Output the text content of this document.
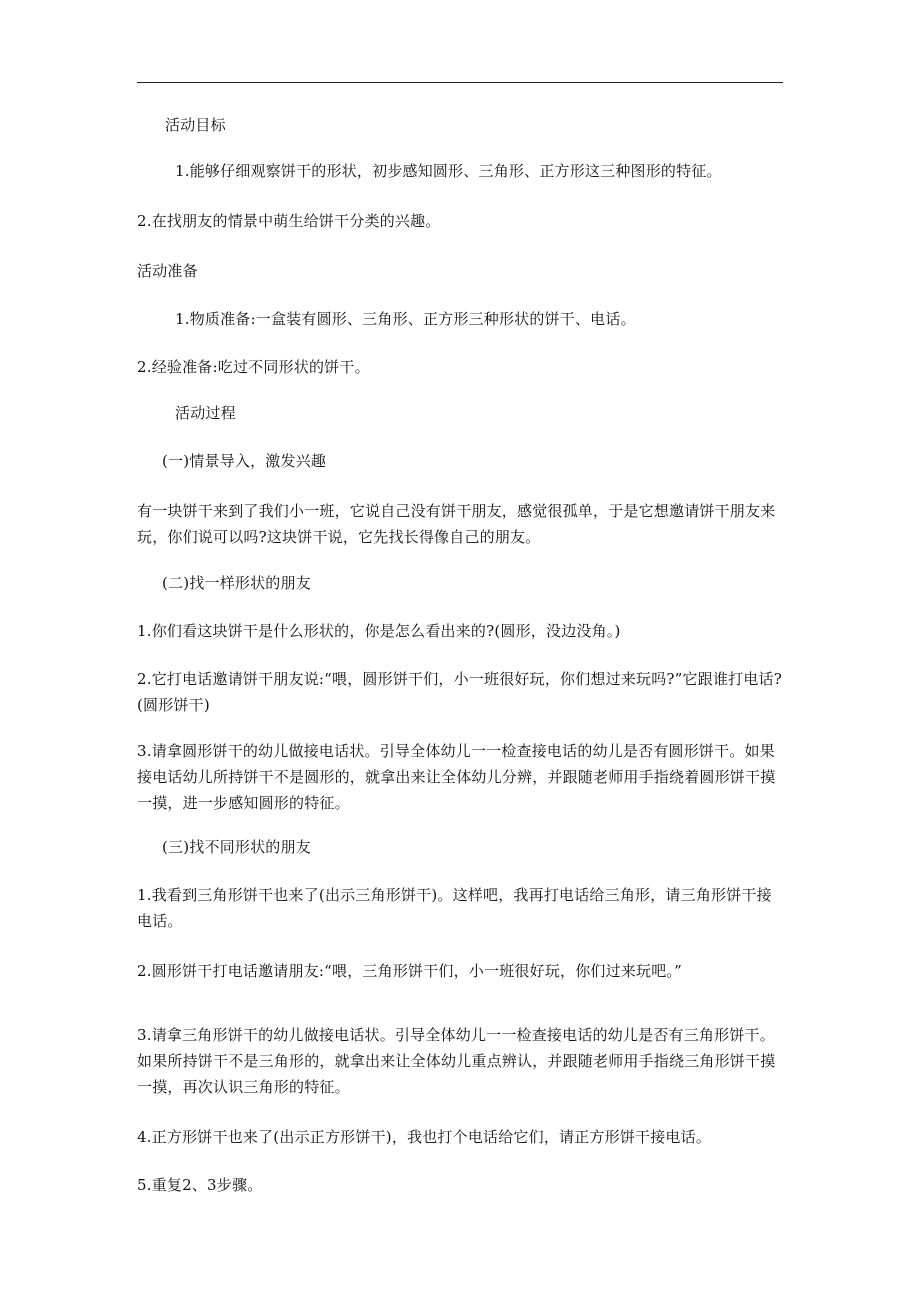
活动目标
1.能够仔细观察饼干的形状，初步感知圆形、三角形、正方形这三种图形的特征。
2.在找朋友的情景中萌生给饼干分类的兴趣。
活动准备
1.物质准备:一盒装有圆形、三角形、正方形三种形状的饼干、电话。
2.经验准备:吃过不同形状的饼干。
活动过程
(一)情景导入，激发兴趣
有一块饼干来到了我们小一班，它说自己没有饼干朋友，感觉很孤单，于是它想邀请饼干朋友来玩，你们说可以吗?这块饼干说，它先找长得像自己的朋友。
(二)找一样形状的朋友
1.你们看这块饼干是什么形状的，你是怎么看出来的?(圆形，没边没角。)
2.它打电话邀请饼干朋友说:“喂，圆形饼干们，小一班很好玩，你们想过来玩吗?”它跟谁打电话?(圆形饼干)
3.请拿圆形饼干的幼儿做接电话状。引导全体幼儿一一检查接电话的幼儿是否有圆形饼干。如果接电话幼儿所持饼干不是圆形的，就拿出来让全体幼儿分辨，并跟随老师用手指绕着圆形饼干摸一摸，进一步感知圆形的特征。
(三)找不同形状的朋友
1.我看到三角形饼干也来了(出示三角形饼干)。这样吧，我再打电话给三角形，请三角形饼干接电话。
2.圆形饼干打电话邀请朋友:“喂，三角形饼干们，小一班很好玩，你们过来玩吧。”
3.请拿三角形饼干的幼儿做接电话状。引导全体幼儿一一检查接电话的幼儿是否有三角形饼干。如果所持饼干不是三角形的，就拿出来让全体幼儿重点辨认，并跟随老师用手指绕三角形饼干摸一摸，再次认识三角形的特征。
4.正方形饼干也来了(出示正方形饼干)，我也打个电话给它们，请正方形饼干接电话。
5.重复2、3步骤。
